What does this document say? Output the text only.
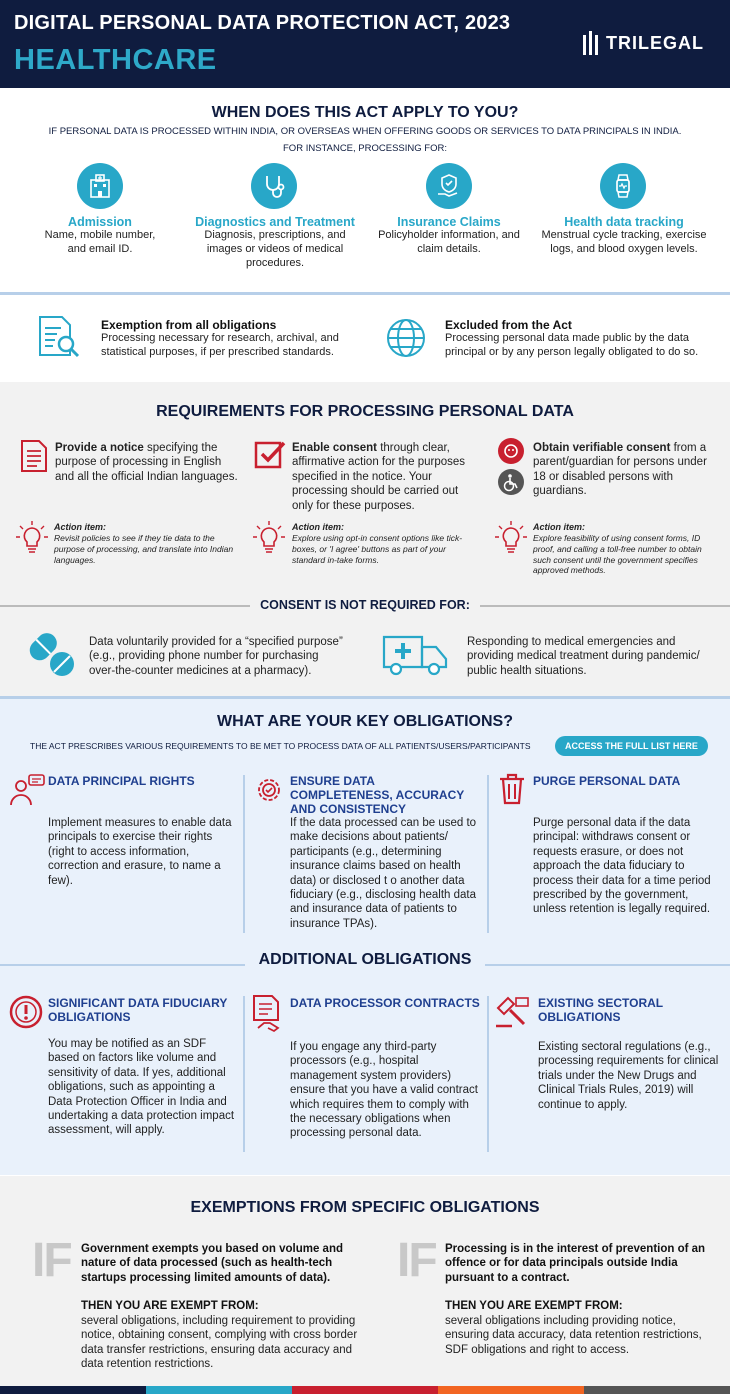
DIGITAL PERSONAL DATA PROTECTION ACT, 2023
HEALTHCARE
TRILEGAL
WHEN DOES THIS ACT APPLY TO YOU?
IF PERSONAL DATA IS PROCESSED WITHIN INDIA, OR OVERSEAS WHEN OFFERING GOODS OR SERVICES TO DATA PRINCIPALS IN INDIA.
FOR INSTANCE, PROCESSING FOR:
Admission
Name, mobile number, and email ID.
Diagnostics and Treatment
Diagnosis, prescriptions, and images or videos of medical procedures.
Insurance Claims
Policyholder information, and claim details.
Health data tracking
Menstrual cycle tracking, exercise logs, and blood oxygen levels.
Exemption from all obligations
Processing necessary for research, archival, and statistical purposes, if per prescribed standards.
Excluded from the Act
Processing personal data made public by the data principal or by any person legally obligated to do so.
REQUIREMENTS FOR PROCESSING PERSONAL DATA
Provide a notice specifying the purpose of processing in English and all the official Indian languages.
Enable consent through clear, affirmative action for the purposes specified in the notice. Your processing should be carried out only for these purposes.
Obtain verifiable consent from a parent/guardian for persons under 18 or disabled persons with guardians.
Action item:
Revisit policies to see if they tie data to the purpose of processing, and translate into Indian languages.
Action item:
Explore using opt-in consent options like tick-boxes, or 'I agree' buttons as part of your standard in-take forms.
Action item:
Explore feasibility of using consent forms, ID proof, and calling a toll-free number to obtain such consent until the government specifies approved methods.
CONSENT IS NOT REQUIRED FOR:
Data voluntarily provided for a “specified purpose” (e.g., providing phone number for purchasing over-the-counter medicines at a pharmacy).
Responding to medical emergencies and providing medical treatment during pandemic/ public health situations.
WHAT ARE YOUR KEY OBLIGATIONS?
THE ACT PRESCRIBES VARIOUS REQUIREMENTS TO BE MET TO PROCESS DATA OF ALL PATIENTS/USERS/PARTICIPANTS	ACCESS THE FULL LIST HERE
DATA PRINCIPAL RIGHTS
Implement measures to enable data principals to exercise their rights (right to access information, correction and erasure, to name a few).
ENSURE DATA COMPLETENESS, ACCURACY AND CONSISTENCY
If the data processed can be used to make decisions about patients/ participants (e.g., determining insurance claims based on health data) or disclosed t o another data fiduciary (e.g., disclosing health data and insurance data of patients to insurance TPAs).
PURGE PERSONAL DATA
Purge personal data if the data principal: withdraws consent or requests erasure, or does not approach the data fiduciary to process their data for a time period prescribed by the government, unless retention is legally required.
ADDITIONAL OBLIGATIONS
SIGNIFICANT DATA FIDUCIARY OBLIGATIONS
You may be notified as an SDF based on factors like volume and sensitivity of data. If yes, additional obligations, such as appointing a Data Protection Officer in India and undertaking a data protection impact assessment, will apply.
DATA PROCESSOR CONTRACTS
If you engage any third-party processors (e.g., hospital management system providers) ensure that you have a valid contract which requires them to comply with the necessary obligations when processing personal data.
EXISTING SECTORAL OBLIGATIONS
Existing sectoral regulations (e.g., processing requirements for clinical trials under the New Drugs and Clinical Trials Rules, 2019) will continue to apply.
EXEMPTIONS FROM SPECIFIC OBLIGATIONS
IF Government exempts you based on volume and nature of data processed (such as health-tech startups processing limited amounts of data).
THEN YOU ARE EXEMPT FROM:
several obligations, including requirement to providing notice, obtaining consent, complying with cross border data transfer restrictions, ensuring data accuracy and data retention restrictions.
IF Processing is in the interest of prevention of an offence or for data principals outside India pursuant to a contract.
THEN YOU ARE EXEMPT FROM:
several obligations including providing notice, ensuring data accuracy, data retention restrictions, SDF obligations and right to access.
